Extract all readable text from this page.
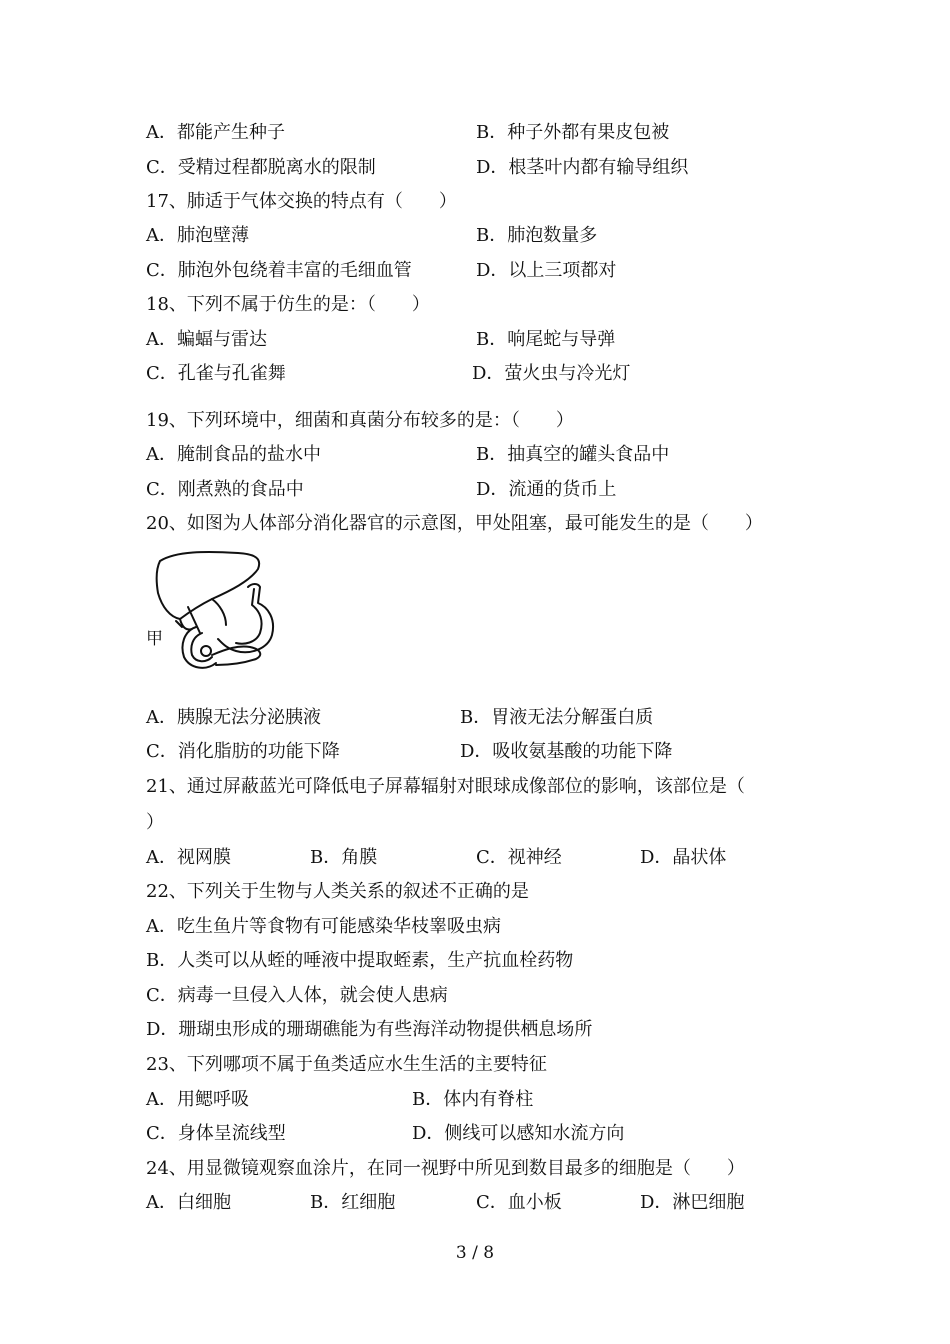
A．都能产生种子	B．种子外都有果皮包被
C．受精过程都脱离水的限制	D．根茎叶内都有输导组织
17、肺适于气体交换的特点有（　　）
A．肺泡壁薄	B．肺泡数量多
C．肺泡外包绕着丰富的毛细血管	D．以上三项都对
18、下列不属于仿生的是：（　　）
A．蝙蝠与雷达	B．响尾蛇与导弹
C．孔雀与孔雀舞	D．萤火虫与冷光灯
19、下列环境中，细菌和真菌分布较多的是：（　　）
A．腌制食品的盐水中	B．抽真空的罐头食品中
C．刚煮熟的食品中	D．流通的货币上
20、如图为人体部分消化器官的示意图，甲处阻塞，最可能发生的是（　　）
A．胰腺无法分泌胰液	B．胃液无法分解蛋白质
C．消化脂肪的功能下降	D．吸收氨基酸的功能下降
21、通过屏蔽蓝光可降低电子屏幕辐射对眼球成像部位的影响，该部位是（
）
A．视网膜	B．角膜	C．视神经	D．晶状体
22、下列关于生物与人类关系的叙述不正确的是
A．吃生鱼片等食物有可能感染华枝睾吸虫病
B．人类可以从蛭的唾液中提取蛭素，生产抗血栓药物
C．病毒一旦侵入人体，就会使人患病
D．珊瑚虫形成的珊瑚礁能为有些海洋动物提供栖息场所
23、下列哪项不属于鱼类适应水生生活的主要特征
A．用鳃呼吸	B．体内有脊柱
C．身体呈流线型	D．侧线可以感知水流方向
24、用显微镜观察血涂片，在同一视野中所见到数目最多的细胞是（　　）
A．白细胞	B．红细胞	C．血小板	D．淋巴细胞
甲
3 / 8
